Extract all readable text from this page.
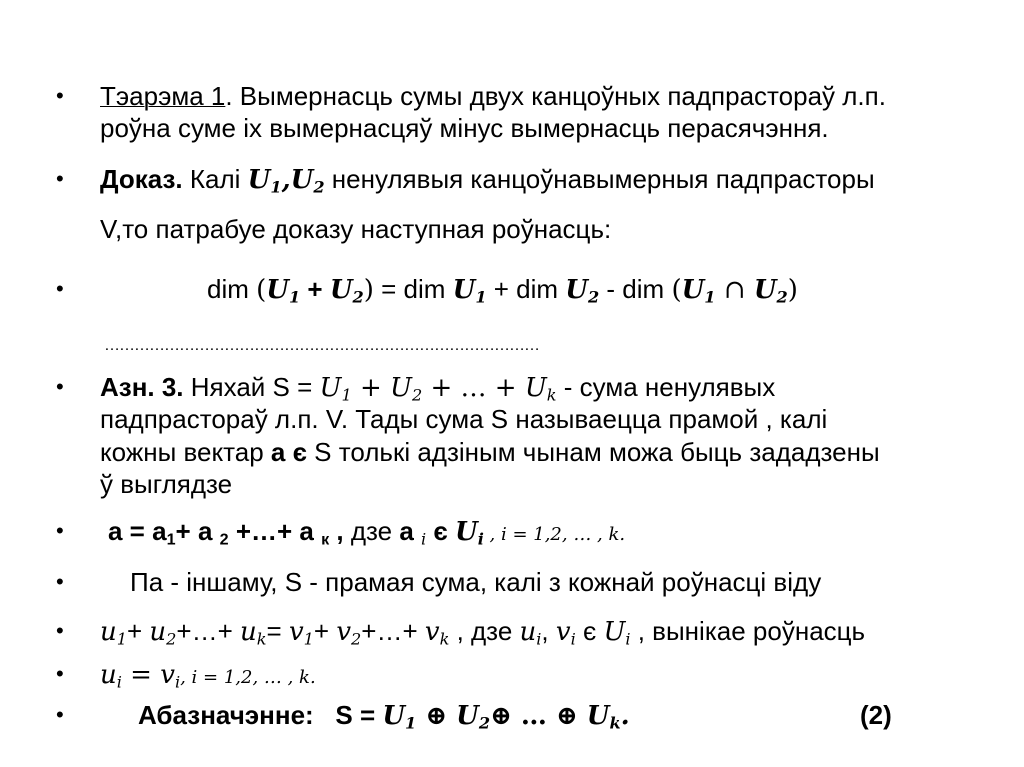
• Тэарэма 1. Вымернасць сумы двух канцоўных падпрастораў л.п.
роўна суме іх вымернасцяў мінус вымернасць перасячэння.
• Доказ. Калі $U_1,U_2$ ненулявыя канцоўнавымерныя падпрасторы
V,то патрабуе доказу наступная роўнасць:
•	dim $(U_1 + U_2)$ = dim $U_1$ + dim $U_2$ - dim ($U_1$ ∩ $U_2$)
……………………………………………………………………………
• Азн. 3. Няхай $S = U_1 + U_2$ + … + $U_k$ - сума ненулявых
падпрастораў л.п. V. Тады сума S называецца прамой , калі
кожны вектар a є S толькі адзіным чынам можа быць зададзены
ў выглядзе
• $a = a_1+ a$ $_2$ +…+ a $_к$ , дзе a $_i$ є $U_i$ , i = 1,2, … , k.
•	Па - іншаму, S - прамая сума, калі з кожнай роўнасці віду
• $u_1+$ $u_2+\dots+ u_k= v_1+$ $v_2+\dots+ v_k$ , дзе $u_i$, $v_i$ є $U_i$ , вынікае роўнасць
• $u_i = v_i$, i = 1,2, … , k.
•	Абазначэнне: $S = U_1$ ⊕ $U_2\oplus$ … ⊕ $U_k$.	(2)
